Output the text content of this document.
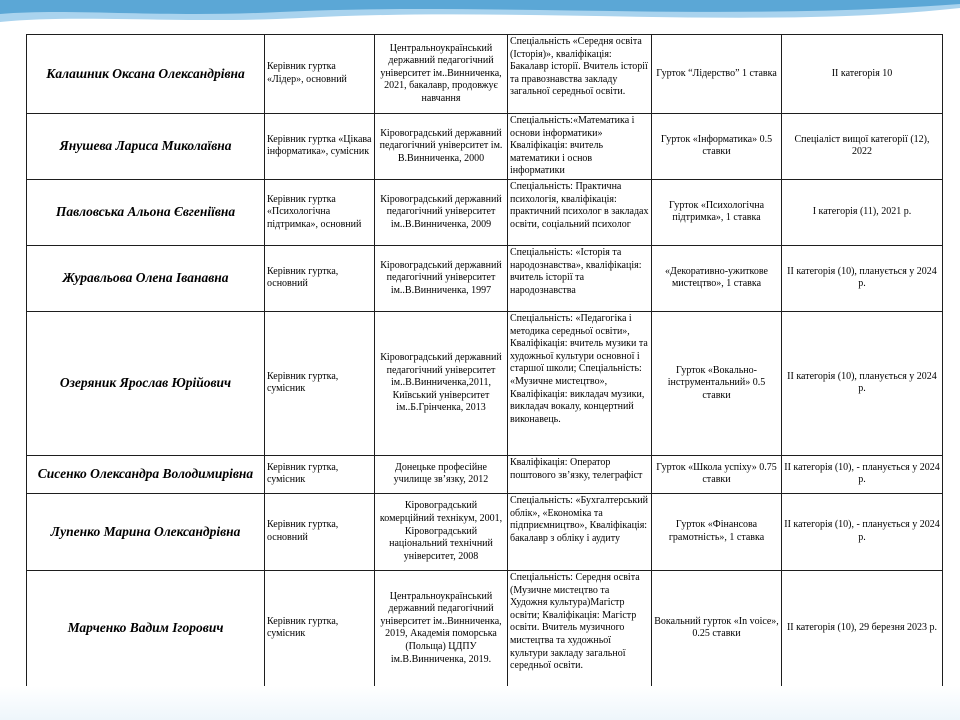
Калашник Оксана Олександрівна	Керівник гуртка «Лідер», основний	Центральноукраїнський державний педагогічний університет ім..Винниченка, 2021, бакалавр, продовжує навчання	Спеціальність «Середня освіта (Історія)», кваліфікація: Бакалавр історії. Вчитель історії та правознавства закладу загальної середньої освіти.	Гурток “Лідерство” 1 ставка	ІІ категорія 10
Янушева Лариса Миколаївна	Керівник гуртка «Цікава інформатика», сумісник	Кіровоградський державний педагогічний університет ім. В.Винниченка, 2000	Спеціальність:«Математика і основи інформатики» Кваліфікація: вчитель математики і основ інформатики	Гурток «Інформатика» 0.5 ставки	Спеціаліст вищої категорії (12), 2022
Павловська Альона Євгеніївна	Керівник гуртка «Психологічна підтримка», основний	Кіровоградський державний педагогічний університет ім..В.Винниченка, 2009	Спеціальність: Практична психологія, кваліфікація: практичний психолог в закладах освіти, соціальний психолог	Гурток «Психологічна підтримка», 1 ставка	І категорія (11), 2021 р.
Журавльова Олена Іванавна	Керівник гуртка, основний	Кіровоградський державний педагогічний університет ім..В.Винниченка, 1997	Спеціальність: «Історія та народознавства», кваліфікація: вчитель історії та народознавства	«Декоративно-ужиткове мистецтво», 1 ставка	ІІ категорія (10), планується у 2024 р.
Озеряник Ярослав Юрійович	Керівник гуртка, сумісник	Кіровоградський державний педагогічний університет ім..В.Винниченка,2011, Київський університет ім..Б.Грінченка, 2013	Спеціальність: «Педагогіка і методика середньої освіти», Кваліфікація: вчитель музики та художньої культури основної і старшої школи; Спеціальність: «Музичне мистецтво», Кваліфікація: викладач музики, викладач вокалу, концертний виконавець.	Гурток «Вокально-інструментальний» 0.5 ставки	ІІ категорія (10), планується у 2024 р.
Сисенко Олександра Володимирівна	Керівник гуртка, сумісник	Донецьке професійне училище зв’язку, 2012	Кваліфікація: Оператор поштового зв’язку, телеграфіст	Гурток «Школа успіху» 0.75 ставки	ІІ категорія (10), - планується у 2024 р.
Лупенко Марина Олександрівна	Керівник гуртка, основний	Кіровоградський комерційний технікум, 2001, Кіровоградський національний технічний університет, 2008	Спеціальність: «Бухгалтерський облік», «Економіка та підприємництво», Кваліфікація: бакалавр з обліку і аудиту	Гурток «Фінансова грамотність», 1 ставка	ІІ категорія (10), - планується у 2024 р.
Марченко Вадим Ігорович	Керівник гуртка, сумісник	Центральноукраїнський державний педагогічний університет ім..Винниченка, 2019, Академія поморська (Польща) ЦДПУ ім.В.Винниченка, 2019.	Спеціальність: Середня освіта (Музичне мистецтво та Художня культура)Магістр освіти; Кваліфікація: Магістр освіти. Вчитель музичного мистецтва та художньої культури закладу загальної середньої освіти.	Вокальний гурток «In voice», 0.25 ставки	ІІ категорія (10), 29 березня 2023 р.
